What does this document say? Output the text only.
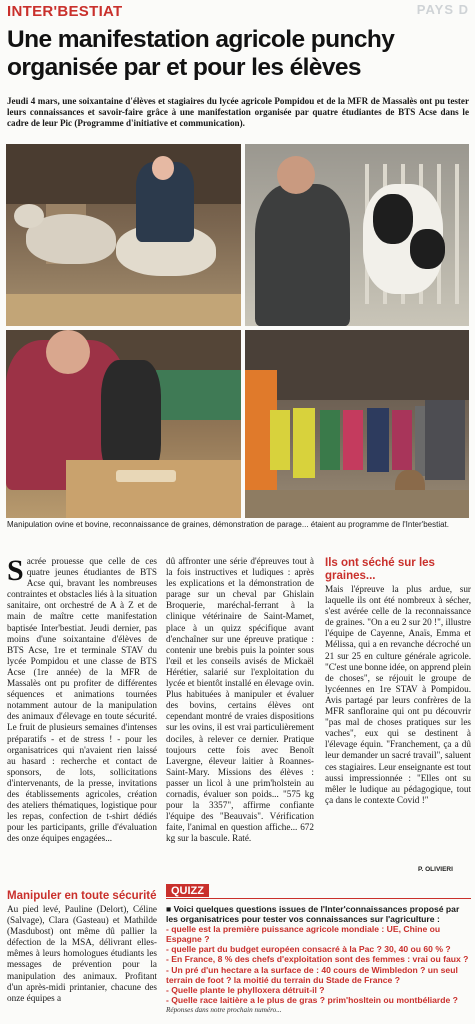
INTER'BESTIAT	PAYS D
Une manifestation agricole punchy organisée par et pour les élèves

Jeudi 4 mars, une soixantaine d'élèves et stagiaires du lycée agricole Pompidou et de la MFR de Massalès ont pu tester leurs connaissances et savoir-faire grâce à une manifestation organisée par quatre étudiantes de BTS Acse dans le cadre de leur Pic (Programme d'initiative et communication).

Manipulation ovine et bovine, reconnaissance de graines, démonstration de parage... étaient au programme de l'Inter'bestiat.

Sacrée prouesse que celle de ces quatre jeunes étudiantes de BTS Acse qui, bravant les nombreuses contraintes et obstacles liés à la situation sanitaire, ont orchestré de A à Z et de main de maître cette manifestation baptisée Inter'bestiat. Jeudi dernier, pas moins d'une soixantaine d'élèves de BTS Acse, 1re et terminale STAV du lycée Pompidou et une classe de BTS Acse (1re année) de la MFR de Massalès ont pu profiter de différentes séquences et animations tournées notamment autour de la manipulation des animaux d'élevage en toute sécurité. Le fruit de plusieurs semaines d'intenses préparatifs - et de stress ! - pour les organisatrices qui n'avaient rien laissé au hasard : recherche et contact de sponsors, de lots, sollicitations d'intervenants, de la presse, invitations des établissements agricoles, création des ateliers thématiques, logistique pour les repas, confection de t-shirt dédiés pour les participants, grille d'évaluation des onze équipes engagées...
Manipuler en toute sécurité
Au pied levé, Pauline (Delort), Céline (Salvage), Clara (Gasteau) et Mathilde (Masdubost) ont même dû pallier la défection de la MSA, délivrant elles-mêmes à leurs homologues étudiants les messages de prévention pour la manipulation des animaux. Profitant d'un après-midi printanier, chacune des onze équipes a
dû affronter une série d'épreuves tout à la fois instructives et ludiques : après les explications et la démonstration de parage sur un cheval par Ghislain Broquerie, maréchal-ferrant à la clinique vétérinaire de Saint-Mamet, place à un quizz spécifique avant d'enchaîner sur une épreuve pratique : contenir une brebis puis la pointer sous l'œil et les conseils avisés de Mickaël Hérétier, salarié sur l'exploitation du lycée et bientôt installé en élevage ovin. Plus habituées à manipuler et évaluer des bovins, certains élèves ont cependant montré de vraies dispositions sur les ovins, il est vrai particulièrement dociles, à relever ce dernier. Pratique toujours cette fois avec Benoît Lavergne, éleveur laitier à Roannes-Saint-Mary. Missions des élèves : passer un licol à une prim'holstein au cornadis, évaluer son poids... "575 kg pour la 3357", affirme confiante l'équipe des "Beauvais". Vérification faite, l'animal en question affiche... 672 kg sur la bascule. Raté.
Ils ont séché sur les graines...
Mais l'épreuve la plus ardue, sur laquelle ils ont été nombreux à sécher, s'est avérée celle de la reconnaissance de graines. "On a eu 2 sur 20 !", illustre l'équipe de Cayenne, Anaïs, Emma et Mélissa, qui a en revanche décroché un 21 sur 25 en culture générale agricole. "C'est une bonne idée, on apprend plein de choses", se réjouit le groupe de lycéennes en 1re STAV à Pompidou. Avis partagé par leurs confrères de la MFR sanfloraine qui ont pu découvrir "pas mal de choses pratiques sur les vaches", eux qui se destinent à l'élevage équin. "Franchement, ça a dû leur demander un sacré travail", saluent ces stagiaires. Leur enseignante est tout aussi impressionnée : "Elles ont su mêler le ludique au pédagogique, tout ça dans le contexte Covid !"
P. OLIVIERI
QUIZZ
■ Voici quelques questions issues de l'Inter'connaissances proposé par les organisatrices pour tester vos connaissances sur l'agriculture :
- quelle est la première puissance agricole mondiale : UE, Chine ou Espagne ?
- quelle part du budget européen consacré à la Pac ? 30, 40 ou 60 % ?
- En France, 8 % des chefs d'exploitation sont des femmes : vrai ou faux ?
- Un pré d'un hectare a la surface de : 40 cours de Wimbledon ? un seul terrain de foot ? la moitié du terrain du Stade de France ?
- Quelle plante le phylloxera détruit-il ?
- Quelle race laitière a le plus de gras ? prim'hosltein ou montbéliarde ?
Réponses dans notre prochain numéro...
